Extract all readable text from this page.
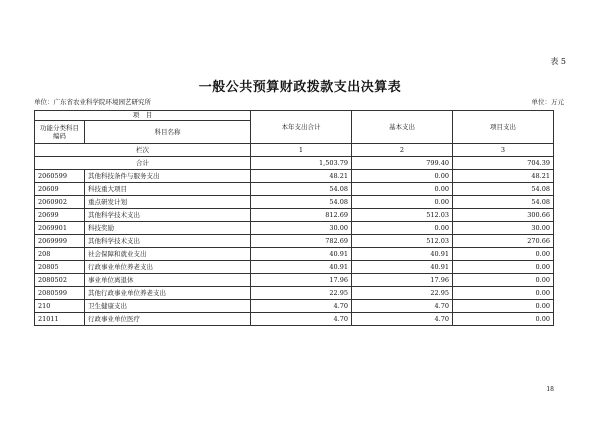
表 5
一般公共预算财政拨款支出决算表
单位：广东省农业科学院环境园艺研究所	单位：万元
项　目		本年支出合计	基本支出	项目支出
功能分类科目编码	科目名称			
栏次		1	2	3
合计		1,503.79	799.40	704.39
2060599	其他科技条件与服务支出	48.21	0.00	48.21
20609	科技重大项目	54.08	0.00	54.08
2060902	重点研发计划	54.08	0.00	54.08
20699	其他科学技术支出	812.69	512.03	300.66
2069901	科技奖励	30.00	0.00	30.00
2069999	其他科学技术支出	782.69	512.03	270.66
208	社会保障和就业支出	40.91	40.91	0.00
20805	行政事业单位养老支出	40.91	40.91	0.00
2080502	事业单位离退休	17.96	17.96	0.00
2080599	其他行政事业单位养老支出	22.95	22.95	0.00
210	卫生健康支出	4.70	4.70	0.00
21011	行政事业单位医疗	4.70	4.70	0.00
18
